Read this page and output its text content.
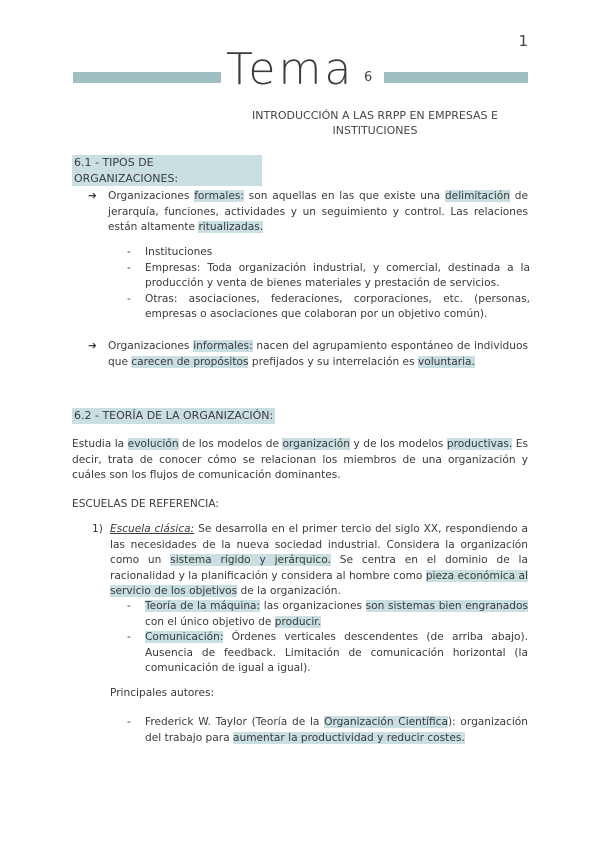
1
Tema 6
INTRODUCCIÓN A LAS RRPP EN EMPRESAS E INSTITUCIONES
6.1 - TIPOS DE ORGANIZACIONES:
➔ Organizaciones formales: son aquellas en las que existe una delimitación de jerarquía, funciones, actividades y un seguimiento y control. Las relaciones están altamente ritualizadas.
- Instituciones
- Empresas: Toda organización industrial, y comercial, destinada a la producción y venta de bienes materiales y prestación de servicios.
- Otras: asociaciones, federaciones, corporaciones, etc. (personas, empresas o asociaciones que colaboran por un objetivo común).
➔ Organizaciones informales: nacen del agrupamiento espontáneo de individuos que carecen de propósitos prefijados y su interrelación es voluntaria.
6.2 - TEORÍA DE LA ORGANIZACIÓN:
Estudia la evolución de los modelos de organización y de los modelos productivas. Es decir, trata de conocer cómo se relacionan los miembros de una organización y cuáles son los flujos de comunicación dominantes.
ESCUELAS DE REFERENCIA:
1) Escuela clásica: Se desarrolla en el primer tercio del siglo XX, respondiendo a las necesidades de la nueva sociedad industrial. Considera la organización como un sistema rígido y jerárquico. Se centra en el dominio de la racionalidad y la planificación y considera al hombre como pieza económica al servicio de los objetivos de la organización.
- Teoría de la máquina: las organizaciones son sistemas bien engranados con el único objetivo de producir.
- Comunicación: Órdenes verticales descendentes (de arriba abajo). Ausencia de feedback. Limitación de comunicación horizontal (la comunicación de igual a igual).
Principales autores:
- Frederick W. Taylor (Teoría de la Organización Científica): organización del trabajo para aumentar la productividad y reducir costes.
